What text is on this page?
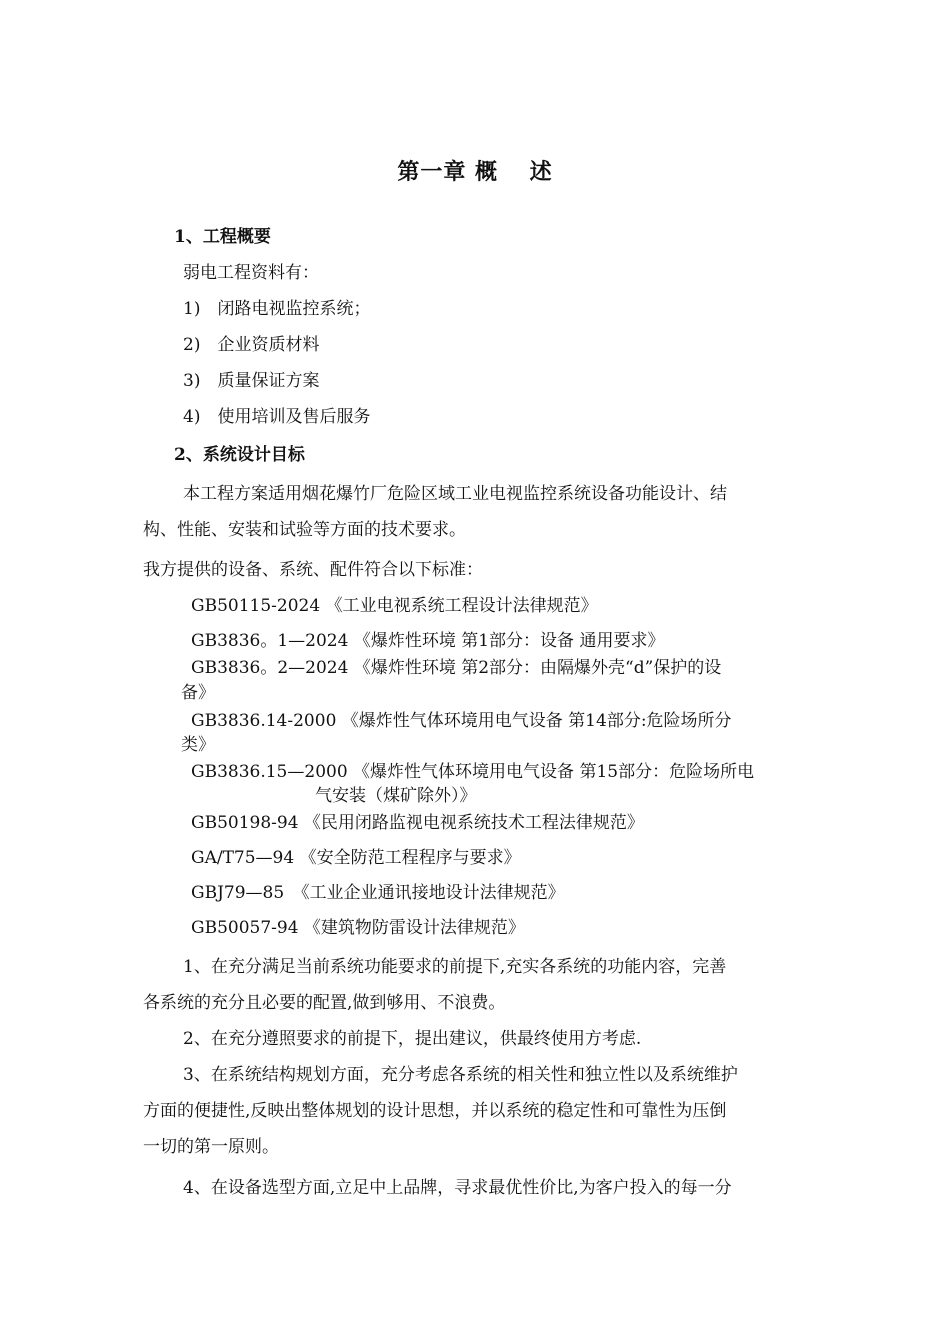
第一章 概　 述
1、工程概要
弱电工程资料有：
1)　闭路电视监控系统；
2)　企业资质材料
3)　质量保证方案
4)　使用培训及售后服务
2、系统设计目标
本工程方案适用烟花爆竹厂危险区域工业电视监控系统设备功能设计、结
构、性能、安装和试验等方面的技术要求。
我方提供的设备、系统、配件符合以下标准：
GB50115-2024 《工业电视系统工程设计法律规范》
GB3836。1—2024 《爆炸性环境 第1部分：设备 通用要求》
GB3836。2—2024 《爆炸性环境 第2部分：由隔爆外壳“d”保护的设
备》
GB3836.14-2000 《爆炸性气体环境用电气设备 第14部分:危险场所分
类》
GB3836.15—2000 《爆炸性气体环境用电气设备 第15部分：危险场所电
气安装（煤矿除外）》
GB50198-94 《民用闭路监视电视系统技术工程法律规范》
GA/T75—94 《安全防范工程程序与要求》
GBJ79—85　《工业企业通讯接地设计法律规范》
GB50057-94 《建筑物防雷设计法律规范》
1、在充分满足当前系统功能要求的前提下,充实各系统的功能内容，完善
各系统的充分且必要的配置,做到够用、不浪费。
2、在充分遵照要求的前提下，提出建议，供最终使用方考虑.
3、在系统结构规划方面，充分考虑各系统的相关性和独立性以及系统维护
方面的便捷性,反映出整体规划的设计思想，并以系统的稳定性和可靠性为压倒
一切的第一原则。
4、在设备选型方面,立足中上品牌，寻求最优性价比,为客户投入的每一分
